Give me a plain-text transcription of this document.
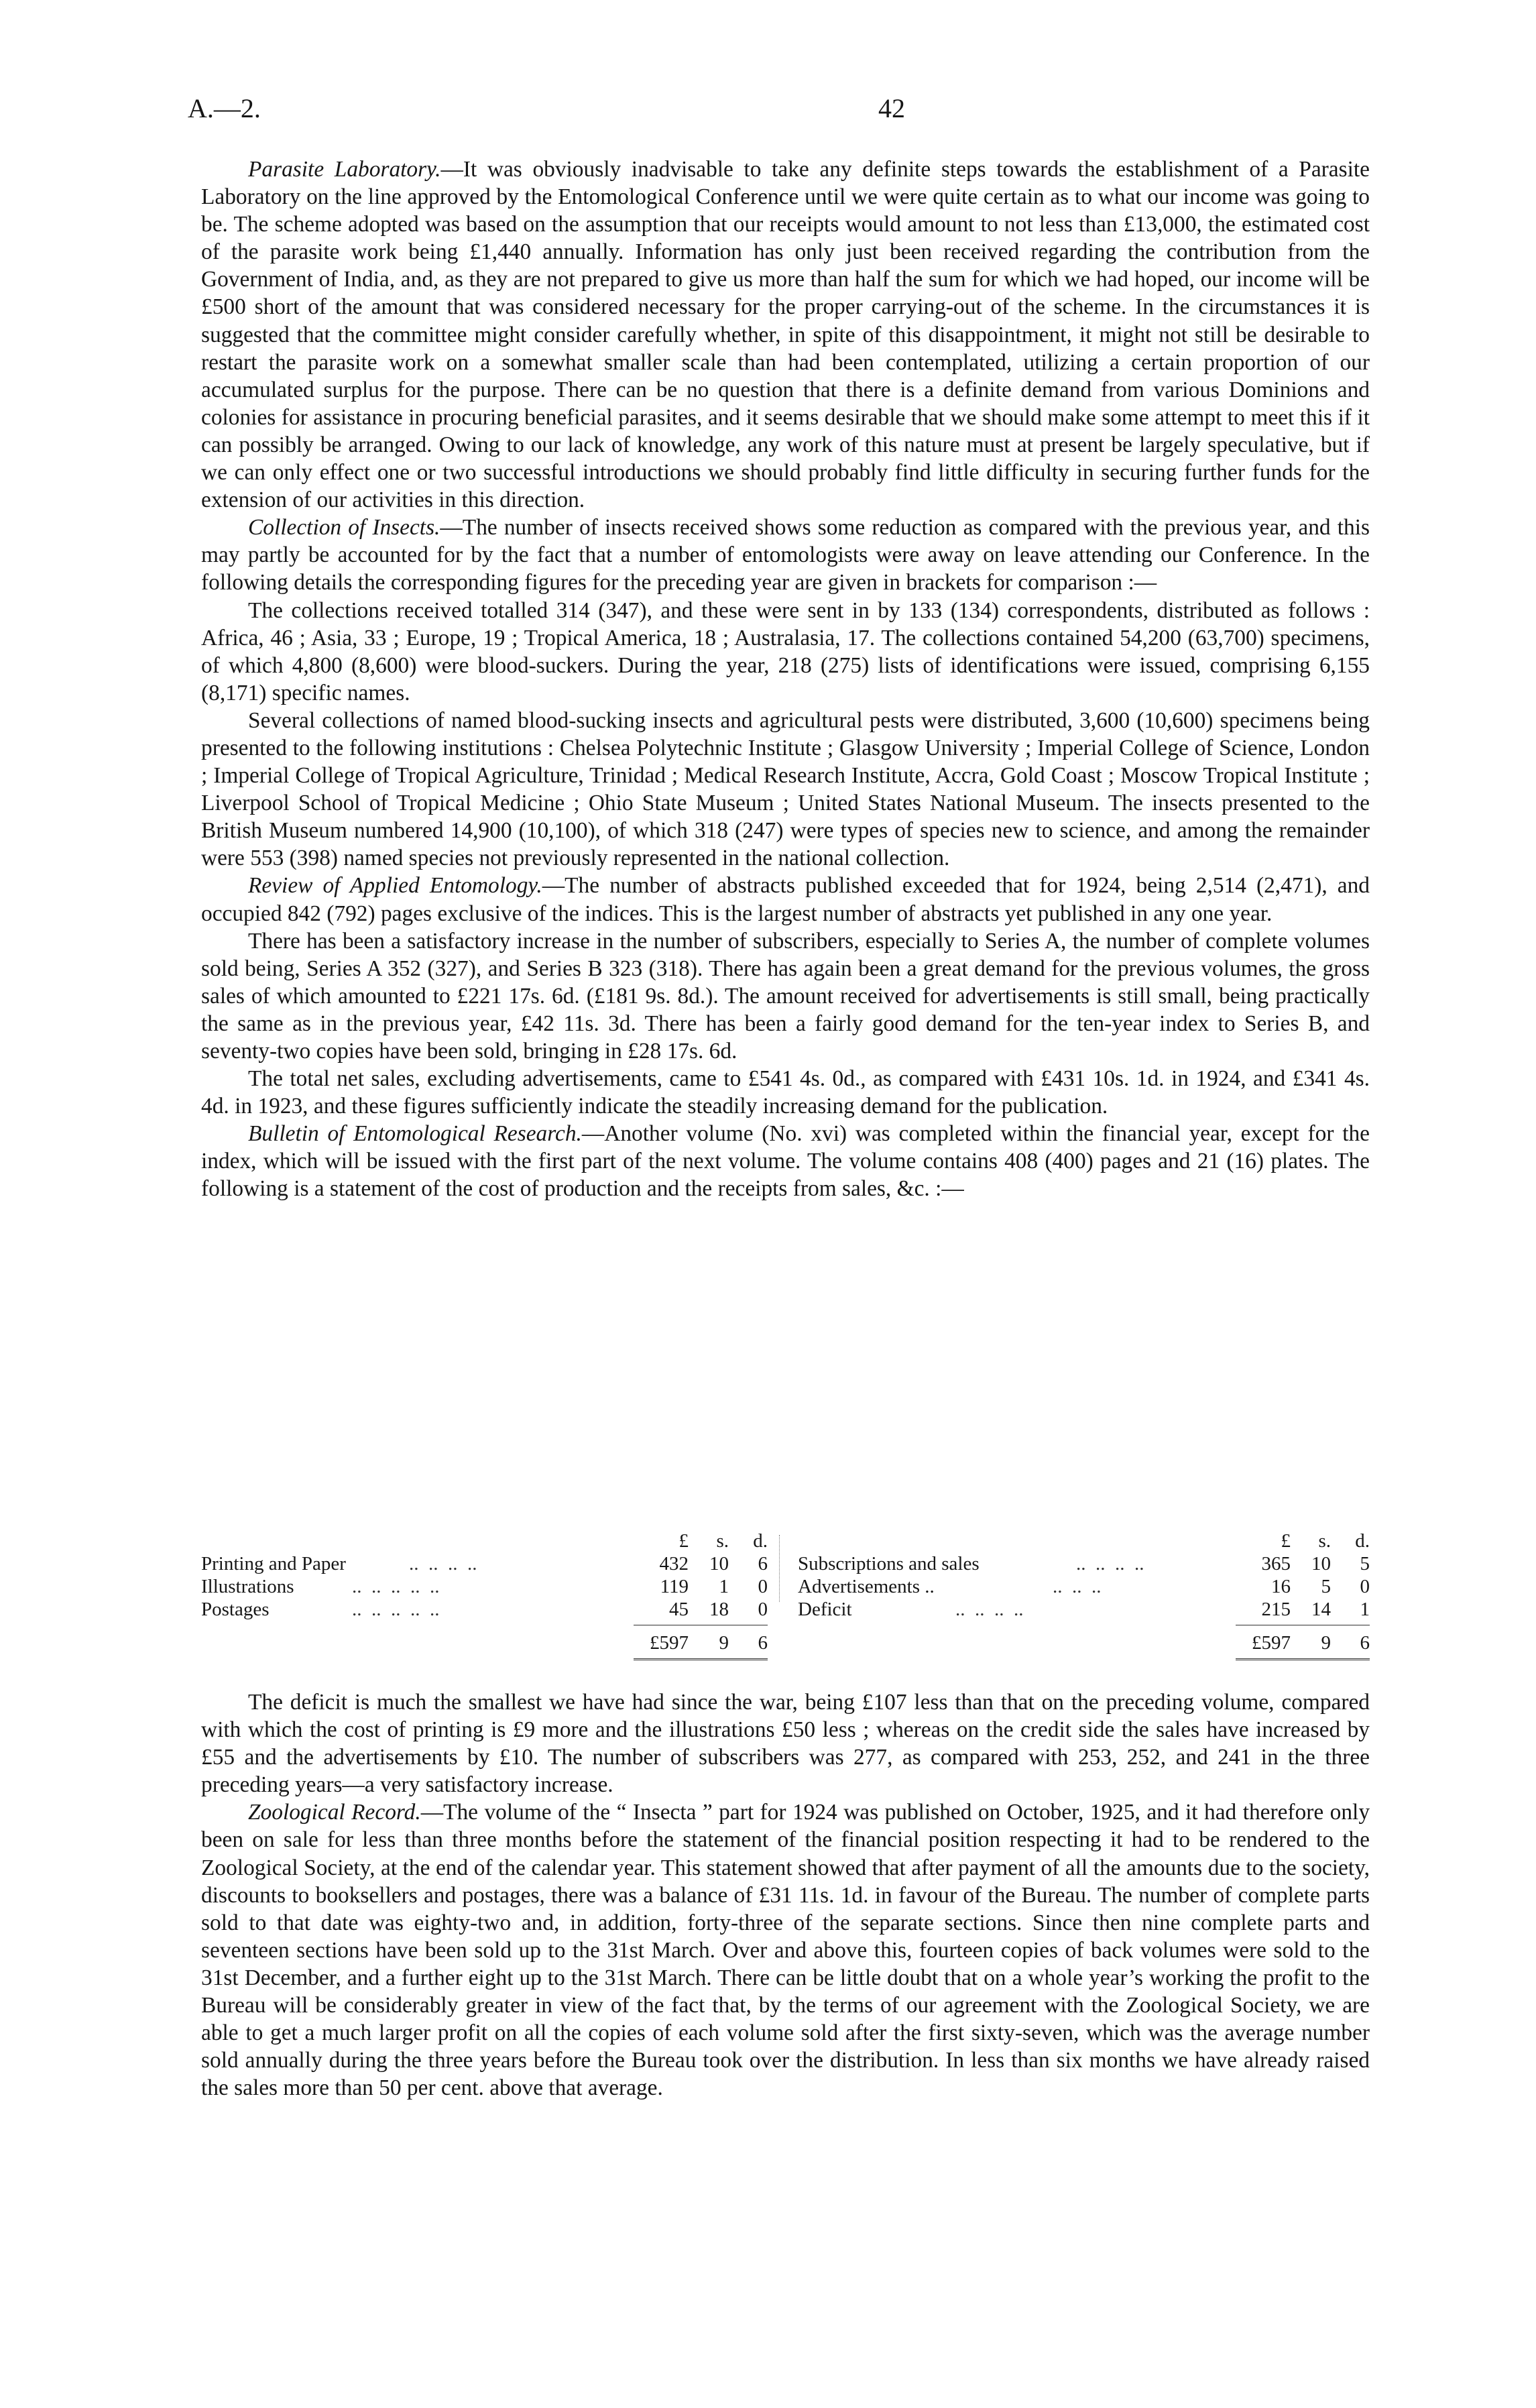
A.—2.	42

Parasite Laboratory.—It was obviously inadvisable to take any definite steps towards the establishment of a Parasite Laboratory on the line approved by the Entomological Conference until we were quite certain as to what our income was going to be. The scheme adopted was based on the assumption that our receipts would amount to not less than £13,000, the estimated cost of the parasite work being £1,440 annually. Information has only just been received regarding the contribution from the Government of India, and, as they are not prepared to give us more than half the sum for which we had hoped, our income will be £500 short of the amount that was considered necessary for the proper carrying-out of the scheme. In the circumstances it is suggested that the committee might consider carefully whether, in spite of this disappointment, it might not still be desirable to restart the parasite work on a somewhat smaller scale than had been contemplated, utilizing a certain proportion of our accumulated surplus for the purpose. There can be no question that there is a definite demand from various Dominions and colonies for assistance in procuring beneficial parasites, and it seems desirable that we should make some attempt to meet this if it can possibly be arranged. Owing to our lack of knowledge, any work of this nature must at present be largely speculative, but if we can only effect one or two successful introductions we should probably find little difficulty in securing further funds for the extension of our activities in this direction.

Collection of Insects.—The number of insects received shows some reduction as compared with the previous year, and this may partly be accounted for by the fact that a number of entomologists were away on leave attending our Conference. In the following details the corresponding figures for the preceding year are given in brackets for comparison :—

The collections received totalled 314 (347), and these were sent in by 133 (134) correspondents, distributed as follows : Africa, 46 ; Asia, 33 ; Europe, 19 ; Tropical America, 18 ; Australasia, 17. The collections contained 54,200 (63,700) specimens, of which 4,800 (8,600) were blood-suckers. During the year, 218 (275) lists of identifications were issued, comprising 6,155 (8,171) specific names.

Several collections of named blood-sucking insects and agricultural pests were distributed, 3,600 (10,600) specimens being presented to the following institutions : Chelsea Polytechnic Institute ; Glasgow University ; Imperial College of Science, London ; Imperial College of Tropical Agriculture, Trinidad ; Medical Research Institute, Accra, Gold Coast ; Moscow Tropical Institute ; Liverpool School of Tropical Medicine ; Ohio State Museum ; United States National Museum. The insects presented to the British Museum numbered 14,900 (10,100), of which 318 (247) were types of species new to science, and among the remainder were 553 (398) named species not previously represented in the national collection.

Review of Applied Entomology.—The number of abstracts published exceeded that for 1924, being 2,514 (2,471), and occupied 842 (792) pages exclusive of the indices. This is the largest number of abstracts yet published in any one year.

There has been a satisfactory increase in the number of subscribers, especially to Series A, the number of complete volumes sold being, Series A 352 (327), and Series B 323 (318). There has again been a great demand for the previous volumes, the gross sales of which amounted to £221 17s. 6d. (£181 9s. 8d.). The amount received for advertisements is still small, being practically the same as in the previous year, £42 11s. 3d. There has been a fairly good demand for the ten-year index to Series B, and seventy-two copies have been sold, bringing in £28 17s. 6d.

The total net sales, excluding advertisements, came to £541 4s. 0d., as compared with £431 10s. 1d. in 1924, and £341 4s. 4d. in 1923, and these figures sufficiently indicate the steadily increasing demand for the publication.

Bulletin of Entomological Research.—Another volume (No. xvi) was completed within the financial year, except for the index, which will be issued with the first part of the next volume. The volume contains 408 (400) pages and 21 (16) plates. The following is a statement of the cost of production and the receipts from sales, &c. :—

£	s.	d.
Printing and Paper	..  ..  ..  ..	432	10	6
Illustrations	..  ..  ..  ..  ..	119	1	0
Postages	..  ..  ..  ..  ..	45	18	0
£597	9	6
£	s.	d.
Subscriptions and sales	..  ..  ..  ..	365	10	5
Advertisements ..	..  ..  ..	16	5	0
Deficit	..  ..  ..  ..	215	14	1
£597	9	6

The deficit is much the smallest we have had since the war, being £107 less than that on the preceding volume, compared with which the cost of printing is £9 more and the illustrations £50 less ; whereas on the credit side the sales have increased by £55 and the advertisements by £10. The number of subscribers was 277, as compared with 253, 252, and 241 in the three preceding years—a very satisfactory increase.

Zoological Record.—The volume of the “ Insecta ” part for 1924 was published on October, 1925, and it had therefore only been on sale for less than three months before the statement of the financial position respecting it had to be rendered to the Zoological Society, at the end of the calendar year. This statement showed that after payment of all the amounts due to the society, discounts to booksellers and postages, there was a balance of £31 11s. 1d. in favour of the Bureau. The number of complete parts sold to that date was eighty-two and, in addition, forty-three of the separate sections. Since then nine complete parts and seventeen sections have been sold up to the 31st March. Over and above this, fourteen copies of back volumes were sold to the 31st December, and a further eight up to the 31st March. There can be little doubt that on a whole year’s working the profit to the Bureau will be considerably greater in view of the fact that, by the terms of our agreement with the Zoological Society, we are able to get a much larger profit on all the copies of each volume sold after the first sixty-seven, which was the average number sold annually during the three years before the Bureau took over the distribution. In less than six months we have already raised the sales more than 50 per cent. above that average.
